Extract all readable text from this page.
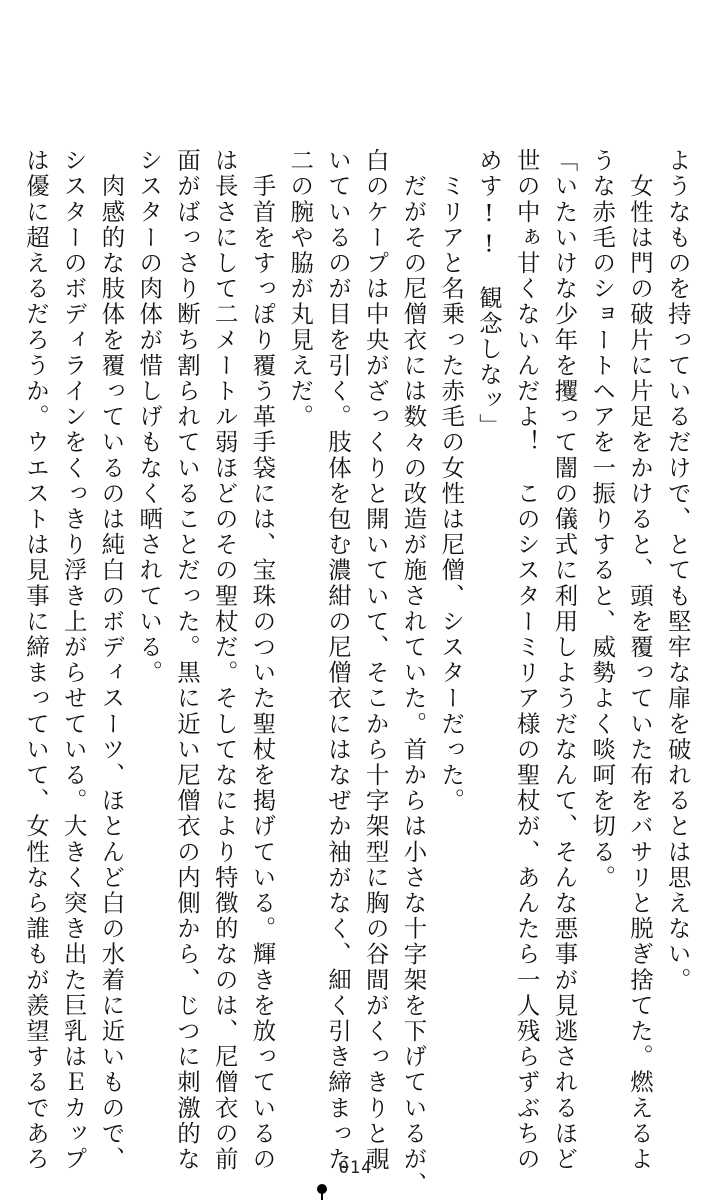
ようなものを持っているだけで、とても堅牢な扉を破れるとは思えない。
　女性は門の破片に片足をかけると、頭を覆っていた布をバサリと脱ぎ捨てた。燃えるよ
うな赤毛のショートヘアを一振りすると、威勢よく啖呵を切る。
「いたいけな少年を攫って闇の儀式に利用しようだなんて、そんな悪事が見逃されるほど
世の中ぁ甘くないんだよ！　このシスターミリア様の聖杖が、あんたら一人残らずぶちの
めす!!　観念しなッ」
　ミリアと名乗った赤毛の女性は尼僧、シスターだった。
　だがその尼僧衣には数々の改造が施されていた。首からは小さな十字架を下げているが、
白のケープは中央がざっくりと開いていて、そこから十字架型に胸の谷間がくっきりと覗
いているのが目を引く。肢体を包む濃紺の尼僧衣にはなぜか袖がなく、細く引き締まった
二の腕や脇が丸見えだ。
　手首をすっぽり覆う革手袋には、宝珠のついた聖杖を掲げている。輝きを放っているの
は長さにして二メートル弱ほどのその聖杖だ。そしてなにより特徴的なのは、尼僧衣の前
面がばっさり断ち割られていることだった。黒に近い尼僧衣の内側から、じつに刺激的な
シスターの肉体が惜しげもなく晒されている。
　肉感的な肢体を覆っているのは純白のボディスーツ、ほとんど白の水着に近いもので、
シスターのボディラインをくっきり浮き上がらせている。大きく突き出た巨乳はＥカップ
は優に超えるだろうか。ウエストは見事に締まっていて、女性なら誰もが羨望するであろ	014
